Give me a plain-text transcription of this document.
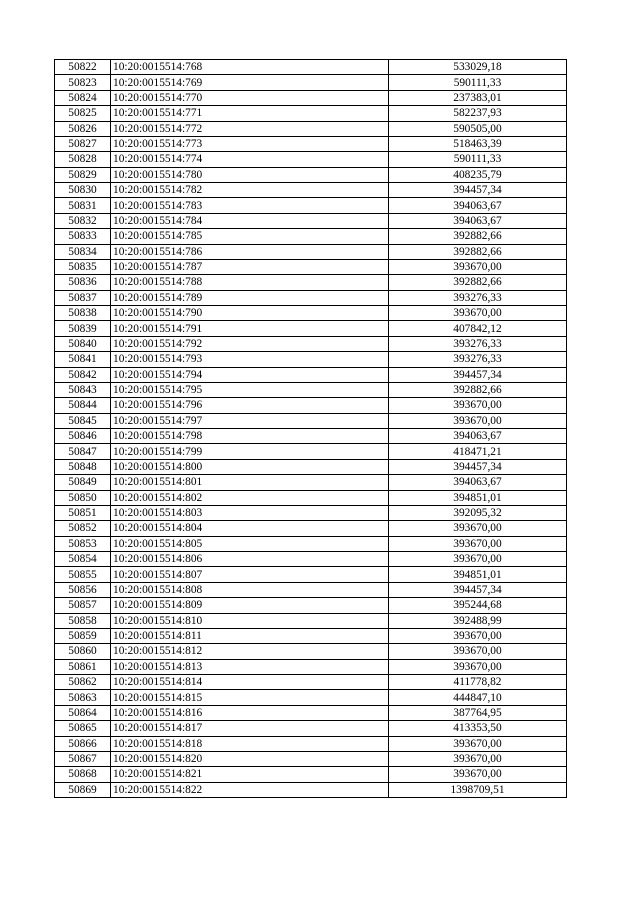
50822	10:20:0015514:768	533029,18
50823	10:20:0015514:769	590111,33
50824	10:20:0015514:770	237383,01
50825	10:20:0015514:771	582237,93
50826	10:20:0015514:772	590505,00
50827	10:20:0015514:773	518463,39
50828	10:20:0015514:774	590111,33
50829	10:20:0015514:780	408235,79
50830	10:20:0015514:782	394457,34
50831	10:20:0015514:783	394063,67
50832	10:20:0015514:784	394063,67
50833	10:20:0015514:785	392882,66
50834	10:20:0015514:786	392882,66
50835	10:20:0015514:787	393670,00
50836	10:20:0015514:788	392882,66
50837	10:20:0015514:789	393276,33
50838	10:20:0015514:790	393670,00
50839	10:20:0015514:791	407842,12
50840	10:20:0015514:792	393276,33
50841	10:20:0015514:793	393276,33
50842	10:20:0015514:794	394457,34
50843	10:20:0015514:795	392882,66
50844	10:20:0015514:796	393670,00
50845	10:20:0015514:797	393670,00
50846	10:20:0015514:798	394063,67
50847	10:20:0015514:799	418471,21
50848	10:20:0015514:800	394457,34
50849	10:20:0015514:801	394063,67
50850	10:20:0015514:802	394851,01
50851	10:20:0015514:803	392095,32
50852	10:20:0015514:804	393670,00
50853	10:20:0015514:805	393670,00
50854	10:20:0015514:806	393670,00
50855	10:20:0015514:807	394851,01
50856	10:20:0015514:808	394457,34
50857	10:20:0015514:809	395244,68
50858	10:20:0015514:810	392488,99
50859	10:20:0015514:811	393670,00
50860	10:20:0015514:812	393670,00
50861	10:20:0015514:813	393670,00
50862	10:20:0015514:814	411778,82
50863	10:20:0015514:815	444847,10
50864	10:20:0015514:816	387764,95
50865	10:20:0015514:817	413353,50
50866	10:20:0015514:818	393670,00
50867	10:20:0015514:820	393670,00
50868	10:20:0015514:821	393670,00
50869	10:20:0015514:822	1398709,51
